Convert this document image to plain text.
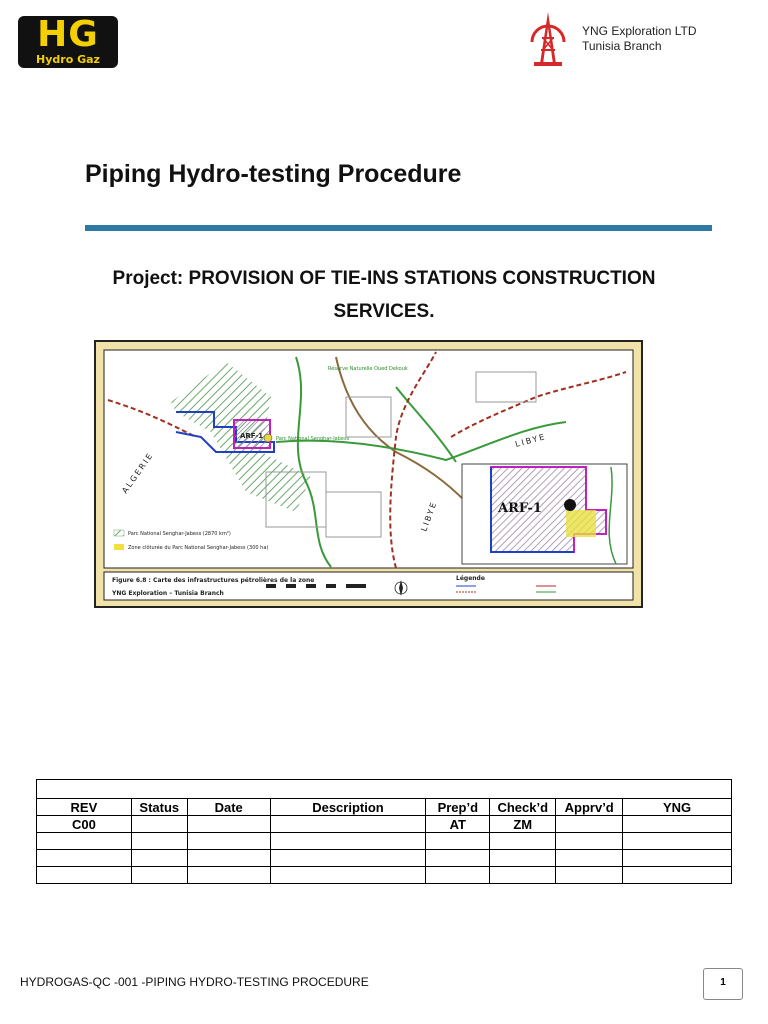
HG
Hydro Gaz
YNG Exploration LTD
Tunisia Branch
Piping Hydro-testing Procedure
Project: PROVISION OF TIE-INS STATIONS CONSTRUCTION
SERVICES.
ARF-1
ALGERIE
LIBYE
LIBYE
Réserve Naturelle Oued Dekouk
Parc National Senghar-Jabess
ARF-1
Parc National Senghar-Jabess (2870 km²)
Zone clôturée du Parc National Senghar-Jabess (300 ha)
Figure 6.8 : Carte des infrastructures pétrolières de la zone
YNG Exploration – Tunisia Branch
Légende

REV	Status	Date	Description	Prep’d	Check’d	Apprv’d	YNG
C00				AT	ZM		

HYDROGAS-QC -001 -PIPING HYDRO-TESTING PROCEDURE	1
